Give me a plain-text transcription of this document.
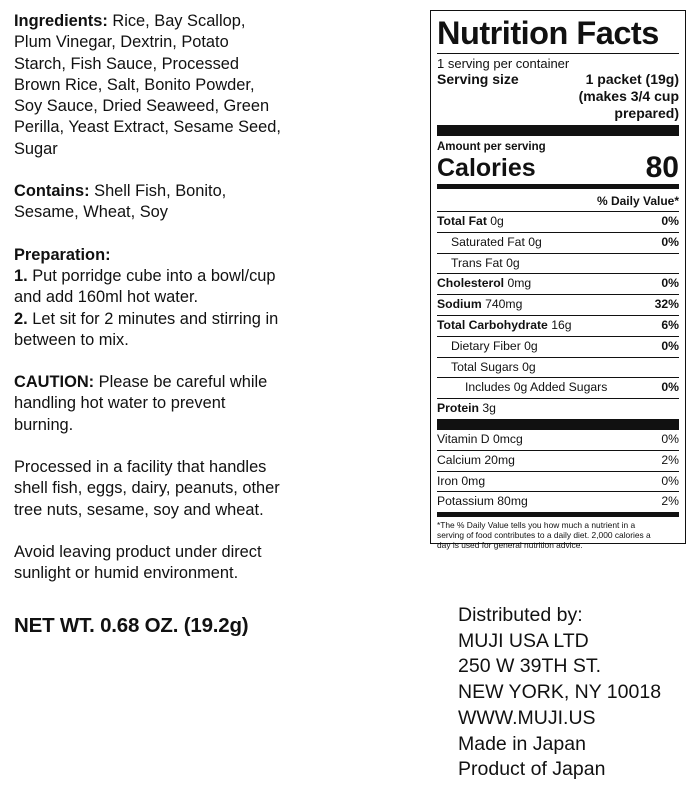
Ingredients: Rice, Bay Scallop,
Plum Vinegar, Dextrin, Potato
Starch, Fish Sauce, Processed
Brown Rice, Salt, Bonito Powder,
Soy Sauce, Dried Seaweed, Green
Perilla, Yeast Extract, Sesame Seed,
Sugar

Contains: Shell Fish, Bonito,
Sesame, Wheat, Soy

Preparation:
1. Put porridge cube into a bowl/cup
and add 160ml hot water.
2. Let sit for 2 minutes and stirring in
between to mix.

CAUTION: Please be careful while
handling hot water to prevent
burning.

Processed in a facility that handles
shell fish, eggs, dairy, peanuts, other
tree nuts, sesame, soy and wheat.

Avoid leaving product under direct
sunlight or humid environment.

NET WT. 0.68 OZ. (19.2g)	Distributed by:
MUJI USA LTD
250 W 39TH ST.
NEW YORK, NY 10018
WWW.MUJI.US
Made in Japan
Product of Japan
Nutrition Facts
1 serving per container
Serving size	1 packet (19g) (makes 3/4 cup prepared)
Amount per serving
Calories	80
% Daily Value*
Total Fat 0g	0%
Saturated Fat 0g	0%
Trans Fat 0g
Cholesterol 0mg	0%
Sodium 740mg	32%
Total Carbohydrate 16g	6%
Dietary Fiber 0g	0%
Total Sugars 0g
Includes 0g Added Sugars	0%
Protein 3g
Vitamin D 0mcg	0%
Calcium 20mg	2%
Iron 0mg	0%
Potassium 80mg	2%
*The % Daily Value tells you how much a nutrient in a
serving of food contributes to a daily diet. 2,000 calories a
day is used for general nutrition advice.
